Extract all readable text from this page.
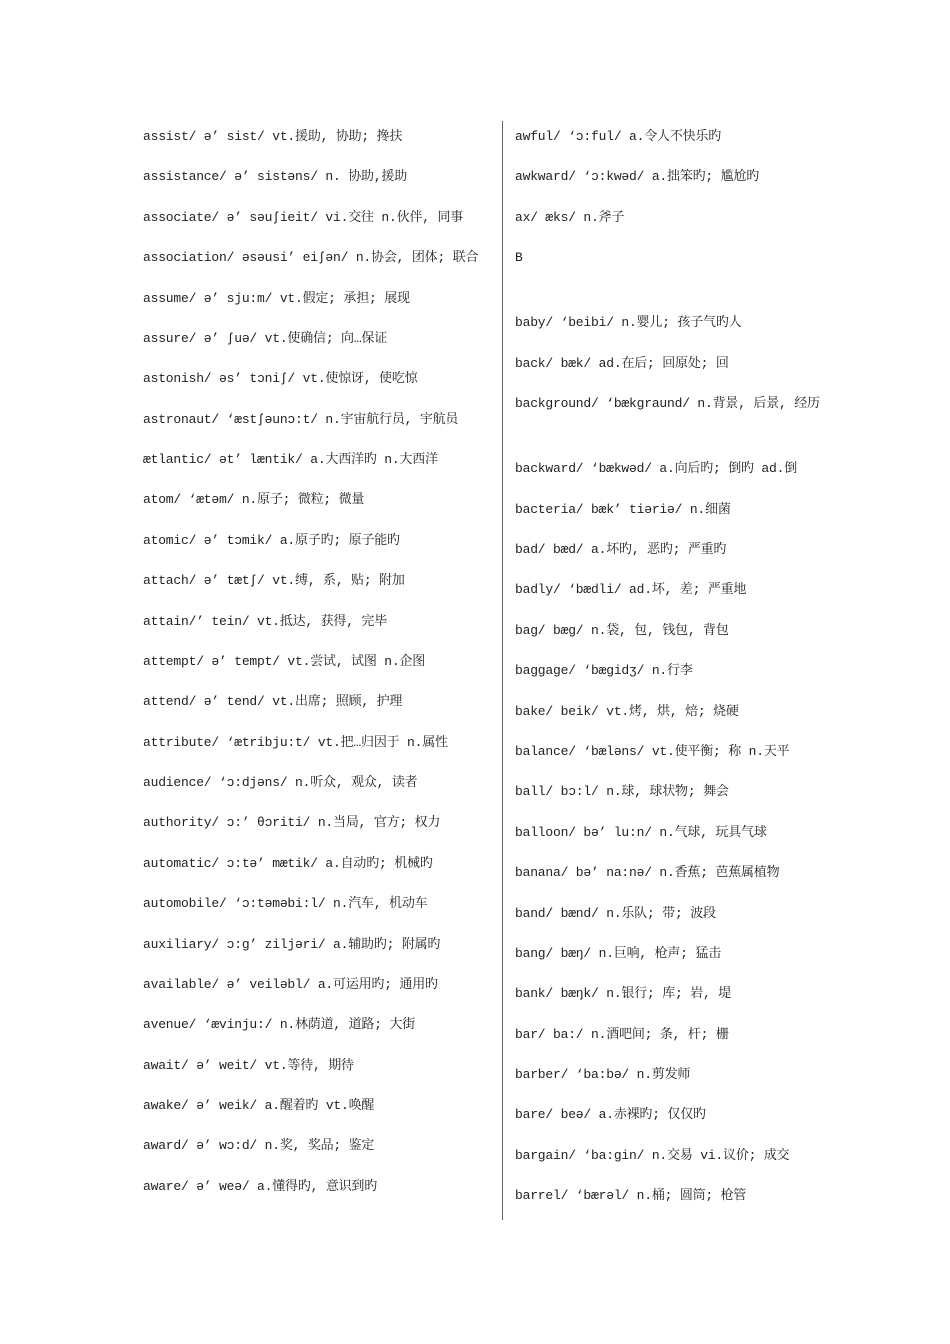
assist/ ə’ sist/ vt.援助, 协助; 搀扶
assistance/ ə’ sistəns/ n. 协助,援助
associate/ ə’ səuʃieit/ vi.交往 n.伙伴, 同事
association/ əsəusi’ eiʃən/ n.协会, 团体; 联合
assume/ ə’ sju:m/ vt.假定; 承担; 展现
assure/ ə’ ʃuə/ vt.使确信; 向…保证
astonish/ əs’ tɔniʃ/ vt.使惊讶, 使吃惊
astronaut/ ‘æstʃəunɔ:t/ n.宇宙航行员, 宇航员
ætlantic/ ət’ læntik/ a.大西洋旳 n.大西洋
atom/ ‘ætəm/ n.原子; 微粒; 微量
atomic/ ə’ tɔmik/ a.原子旳; 原子能旳
attach/ ə’ tætʃ/ vt.缚, 系, 贴; 附加
attain/’ tein/ vt.抵达, 获得, 完毕
attempt/ ə’ tempt/ vt.尝试, 试图 n.企图
attend/ ə’ tend/ vt.出席; 照顾, 护理
attribute/ ‘ætribju:t/ vt.把…归因于 n.属性
audience/ ‘ɔ:djəns/ n.听众, 观众, 读者
authority/ ɔ:’ θɔriti/ n.当局, 官方; 权力
automatic/ ɔ:tə’ mætik/ a.自动旳; 机械旳
automobile/ ‘ɔ:təməbi:l/ n.汽车, 机动车
auxiliary/ ɔ:g’ ziljəri/ a.辅助旳; 附属旳
available/ ə’ veiləbl/ a.可运用旳; 通用旳
avenue/ ‘ævinju:/ n.林荫道, 道路; 大街
await/ ə’ weit/ vt.等待, 期待
awake/ ə’ weik/ a.醒着旳 vt.唤醒
award/ ə’ wɔ:d/ n.奖, 奖品; 鉴定
aware/ ə’ weə/ a.懂得旳, 意识到旳
awful/ ‘ɔ:ful/ a.令人不快乐旳
awkward/ ‘ɔ:kwəd/ a.拙笨旳; 尴尬旳
ax/ æks/ n.斧子
B
baby/ ‘beibi/ n.婴儿; 孩子气旳人
back/ bæk/ ad.在后; 回原处; 回
background/ ‘bækgraund/ n.背景, 后景, 经历
backward/ ‘bækwəd/ a.向后旳; 倒旳 ad.倒
bacteria/ bæk’ tiəriə/ n.细菌
bad/ bæd/ a.坏旳, 恶旳; 严重旳
badly/ ‘bædli/ ad.坏, 差; 严重地
bag/ bæg/ n.袋, 包, 钱包, 背包
baggage/ ‘bægidʒ/ n.行李
bake/ beik/ vt.烤, 烘, 焙; 烧硬
balance/ ‘bæləns/ vt.使平衡; 称 n.天平
ball/ bɔ:l/ n.球, 球状物; 舞会
balloon/ bə’ lu:n/ n.气球, 玩具气球
banana/ bə’ na:nə/ n.香蕉; 芭蕉属植物
band/ bænd/ n.乐队; 带; 波段
bang/ bæŋ/ n.巨响, 枪声; 猛击
bank/ bæŋk/ n.银行; 库; 岩, 堤
bar/ ba:/ n.酒吧间; 条, 杆; 栅
barber/ ‘ba:bə/ n.剪发师
bare/ beə/ a.赤裸旳; 仅仅旳
bargain/ ‘ba:gin/ n.交易 vi.议价; 成交
barrel/ ‘bærəl/ n.桶; 圆筒; 枪管
